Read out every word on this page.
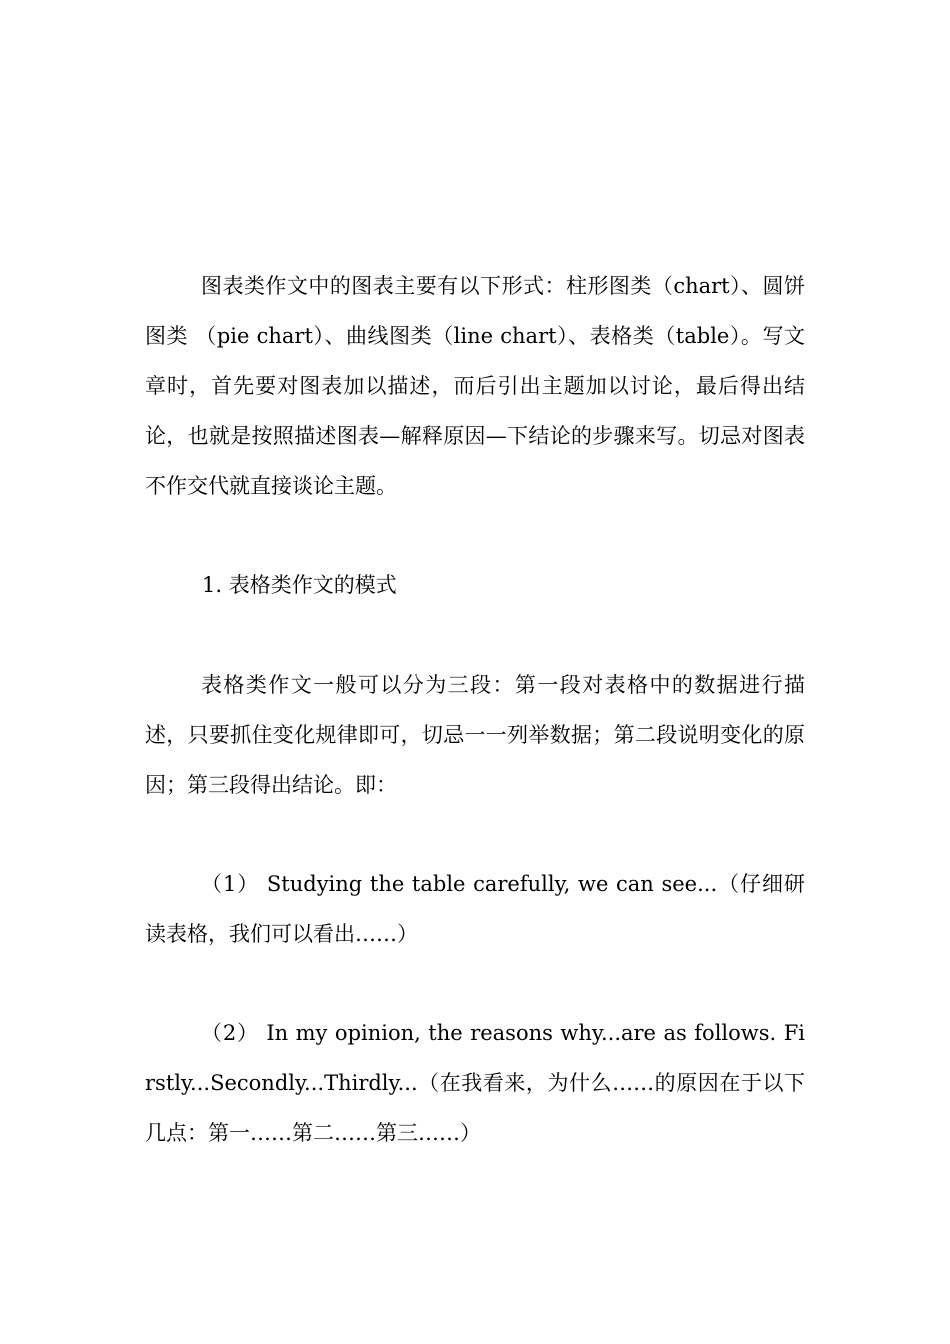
图表类作文中的图表主要有以下形式：柱形图类（chart）、圆饼图类 （pie chart）、曲线图类（line chart）、表格类（table）。写文章时，首先要对图表加以描述，而后引出主题加以讨论，最后得出结论，也就是按照描述图表—解释原因—下结论的步骤来写。切忌对图表不作交代就直接谈论主题。

1. 表格类作文的模式

表格类作文一般可以分为三段：第一段对表格中的数据进行描述，只要抓住变化规律即可，切忌一一列举数据；第二段说明变化的原因；第三段得出结论。即：

（1） Studying the table carefully, we can see...（仔细研读表格，我们可以看出……）

（2） In my opinion, the reasons why...are as follows. Firstly...Secondly...Thirdly...（在我看来，为什么……的原因在于以下几点：第一……第二……第三……）
